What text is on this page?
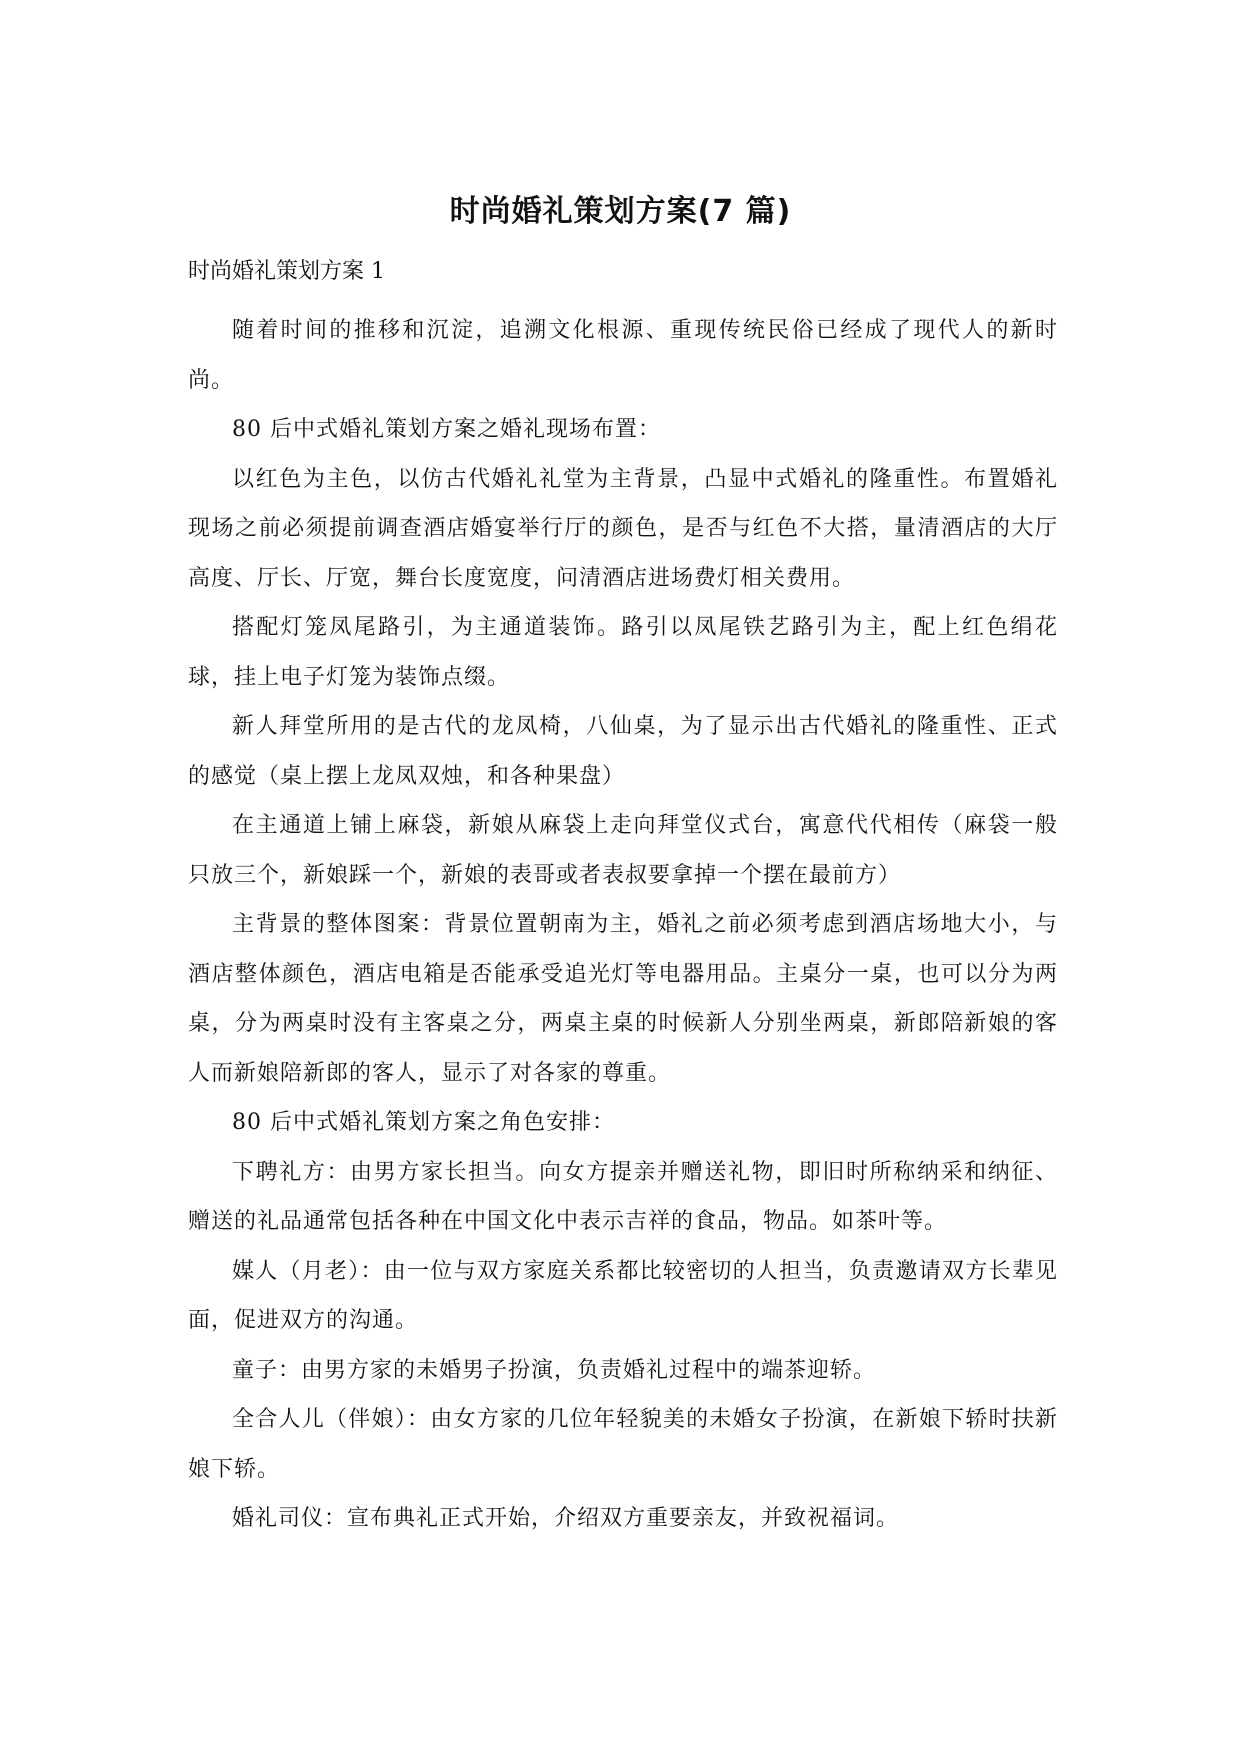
时尚婚礼策划方案(7 篇)

时尚婚礼策划方案 1

随着时间的推移和沉淀，追溯文化根源、重现传统民俗已经成了现代人的新时尚。

80 后中式婚礼策划方案之婚礼现场布置：

以红色为主色，以仿古代婚礼礼堂为主背景，凸显中式婚礼的隆重性。布置婚礼现场之前必须提前调查酒店婚宴举行厅的颜色，是否与红色不大搭，量清酒店的大厅高度、厅长、厅宽，舞台长度宽度，问清酒店进场费灯相关费用。

搭配灯笼凤尾路引，为主通道装饰。路引以凤尾铁艺路引为主，配上红色绢花球，挂上电子灯笼为装饰点缀。

新人拜堂所用的是古代的龙凤椅，八仙桌，为了显示出古代婚礼的隆重性、正式的感觉（桌上摆上龙凤双烛，和各种果盘）

在主通道上铺上麻袋，新娘从麻袋上走向拜堂仪式台，寓意代代相传（麻袋一般只放三个，新娘踩一个，新娘的表哥或者表叔要拿掉一个摆在最前方）

主背景的整体图案：背景位置朝南为主，婚礼之前必须考虑到酒店场地大小，与酒店整体颜色，酒店电箱是否能承受追光灯等电器用品。主桌分一桌，也可以分为两桌，分为两桌时没有主客桌之分，两桌主桌的时候新人分别坐两桌，新郎陪新娘的客人而新娘陪新郎的客人，显示了对各家的尊重。

80 后中式婚礼策划方案之角色安排：

下聘礼方：由男方家长担当。向女方提亲并赠送礼物，即旧时所称纳采和纳征、赠送的礼品通常包括各种在中国文化中表示吉祥的食品，物品。如茶叶等。

媒人（月老）：由一位与双方家庭关系都比较密切的人担当，负责邀请双方长辈见面，促进双方的沟通。

童子：由男方家的未婚男子扮演，负责婚礼过程中的端茶迎轿。

全合人儿（伴娘）：由女方家的几位年轻貌美的未婚女子扮演，在新娘下轿时扶新娘下轿。

婚礼司仪：宣布典礼正式开始，介绍双方重要亲友，并致祝福词。
